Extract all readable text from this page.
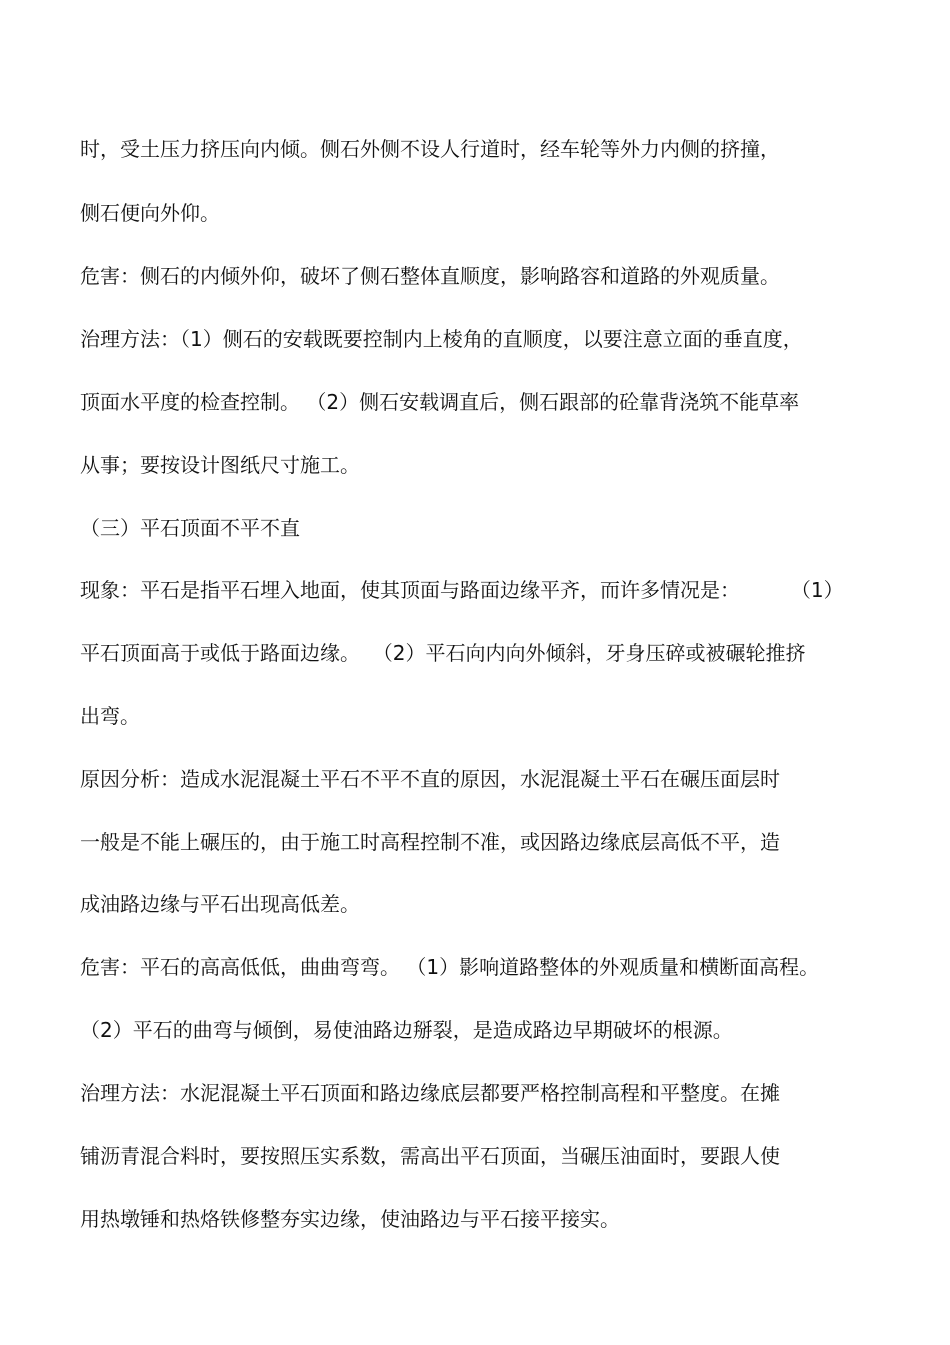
时，受土压力挤压向内倾。侧石外侧不设人行道时，经车轮等外力内侧的挤撞，
侧石便向外仰。
危害：侧石的内倾外仰，破坏了侧石整体直顺度，影响路容和道路的外观质量。
治理方法：（1）侧石的安载既要控制内上棱角的直顺度，以要注意立面的垂直度，
顶面水平度的检查控制。 （2）侧石安载调直后，侧石跟部的砼靠背浇筑不能草率
从事；要按设计图纸尺寸施工。
（三）平石顶面不平不直
现象：平石是指平石埋入地面，使其顶面与路面边缘平齐，而许多情况是：        （1）
平石顶面高于或低于路面边缘。  （2）平石向内向外倾斜，牙身压碎或被碾轮推挤
出弯。
原因分析：造成水泥混凝土平石不平不直的原因，水泥混凝土平石在碾压面层时
一般是不能上碾压的，由于施工时高程控制不准，或因路边缘底层高低不平，造
成油路边缘与平石出现高低差。
危害：平石的高高低低，曲曲弯弯。 （1）影响道路整体的外观质量和横断面高程。
（2）平石的曲弯与倾倒，易使油路边掰裂，是造成路边早期破坏的根源。
治理方法：水泥混凝土平石顶面和路边缘底层都要严格控制高程和平整度。在摊
铺沥青混合料时，要按照压实系数，需高出平石顶面，当碾压油面时，要跟人使
用热墩锤和热烙铁修整夯实边缘，使油路边与平石接平接实。
